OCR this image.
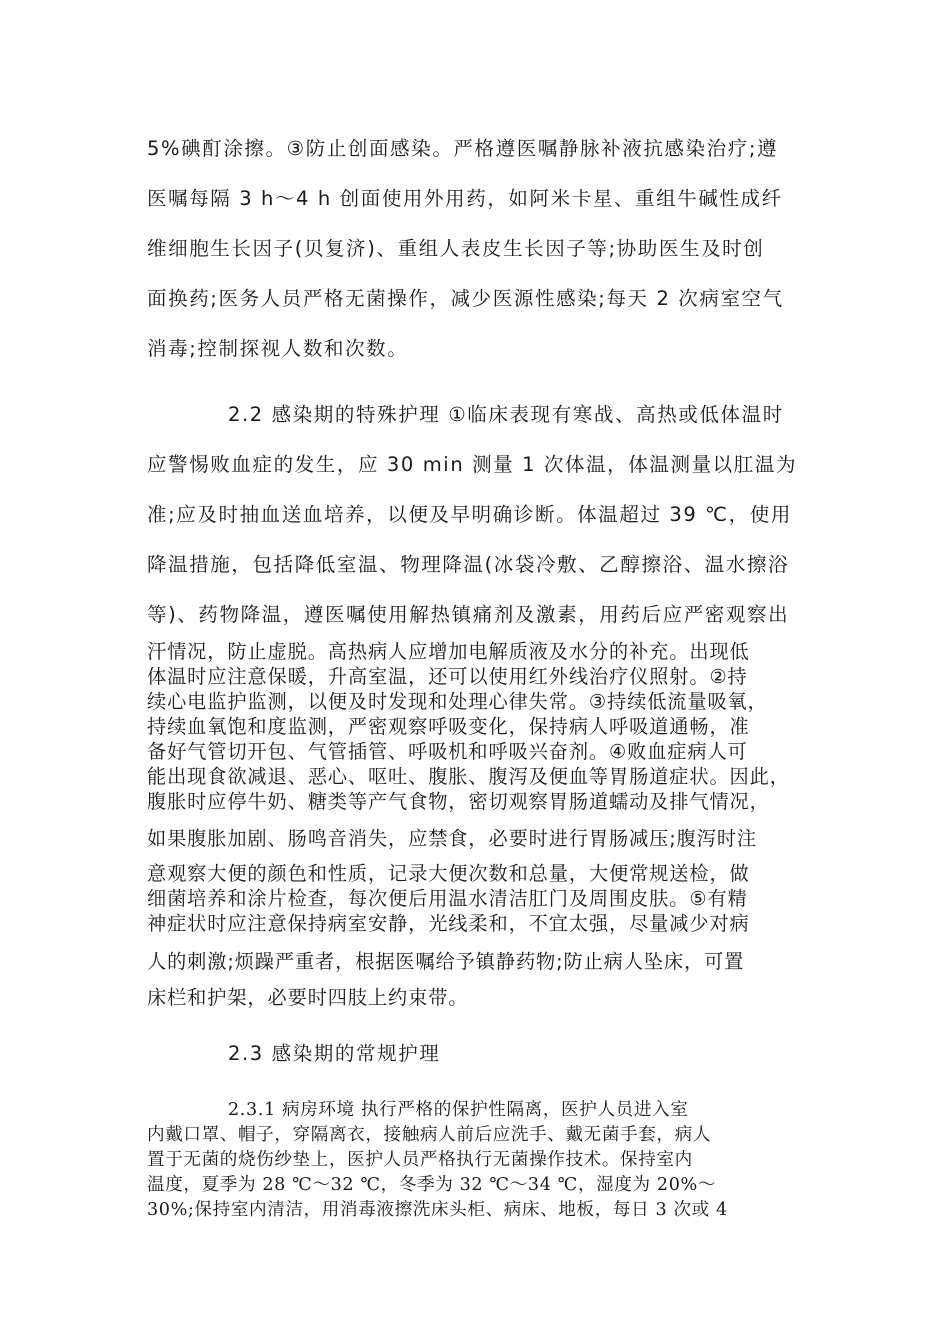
5%碘酊涂擦。③防止创面感染。严格遵医嘱静脉补液抗感染治疗;遵
医嘱每隔 3 h～4 h 创面使用外用药，如阿米卡星、重组牛碱性成纤
维细胞生长因子(贝复济)、重组人表皮生长因子等;协助医生及时创
面换药;医务人员严格无菌操作，减少医源性感染;每天 2 次病室空气
消毒;控制探视人数和次数。
2.2 感染期的特殊护理 ①临床表现有寒战、高热或低体温时
应警惕败血症的发生，应 30 min 测量 1 次体温，体温测量以肛温为
准;应及时抽血送血培养，以便及早明确诊断。体温超过 39 ℃，使用
降温措施，包括降低室温、物理降温(冰袋冷敷、乙醇擦浴、温水擦浴
等)、药物降温，遵医嘱使用解热镇痛剂及激素，用药后应严密观察出
汗情况，防止虚脱。高热病人应增加电解质液及水分的补充。出现低
体温时应注意保暖，升高室温，还可以使用红外线治疗仪照射。②持
续心电监护监测，以便及时发现和处理心律失常。③持续低流量吸氧，
持续血氧饱和度监测，严密观察呼吸变化，保持病人呼吸道通畅，准
备好气管切开包、气管插管、呼吸机和呼吸兴奋剂。④败血症病人可
能出现食欲减退、恶心、呕吐、腹胀、腹泻及便血等胃肠道症状。因此，
腹胀时应停牛奶、糖类等产气食物，密切观察胃肠道蠕动及排气情况，
如果腹胀加剧、肠鸣音消失，应禁食，必要时进行胃肠减压;腹泻时注
意观察大便的颜色和性质，记录大便次数和总量，大便常规送检，做
细菌培养和涂片检查，每次便后用温水清洁肛门及周围皮肤。⑤有精
神症状时应注意保持病室安静，光线柔和，不宜太强，尽量减少对病
人的刺激;烦躁严重者，根据医嘱给予镇静药物;防止病人坠床，可置
床栏和护架，必要时四肢上约束带。
2.3 感染期的常规护理
2.3.1 病房环境 执行严格的保护性隔离，医护人员进入室
内戴口罩、帽子，穿隔离衣，接触病人前后应洗手、戴无菌手套，病人
置于无菌的烧伤纱垫上，医护人员严格执行无菌操作技术。保持室内
温度，夏季为 28 ℃～32 ℃，冬季为 32 ℃～34 ℃，湿度为 20%～
30%;保持室内清洁，用消毒液擦洗床头柜、病床、地板，每日 3 次或 4
